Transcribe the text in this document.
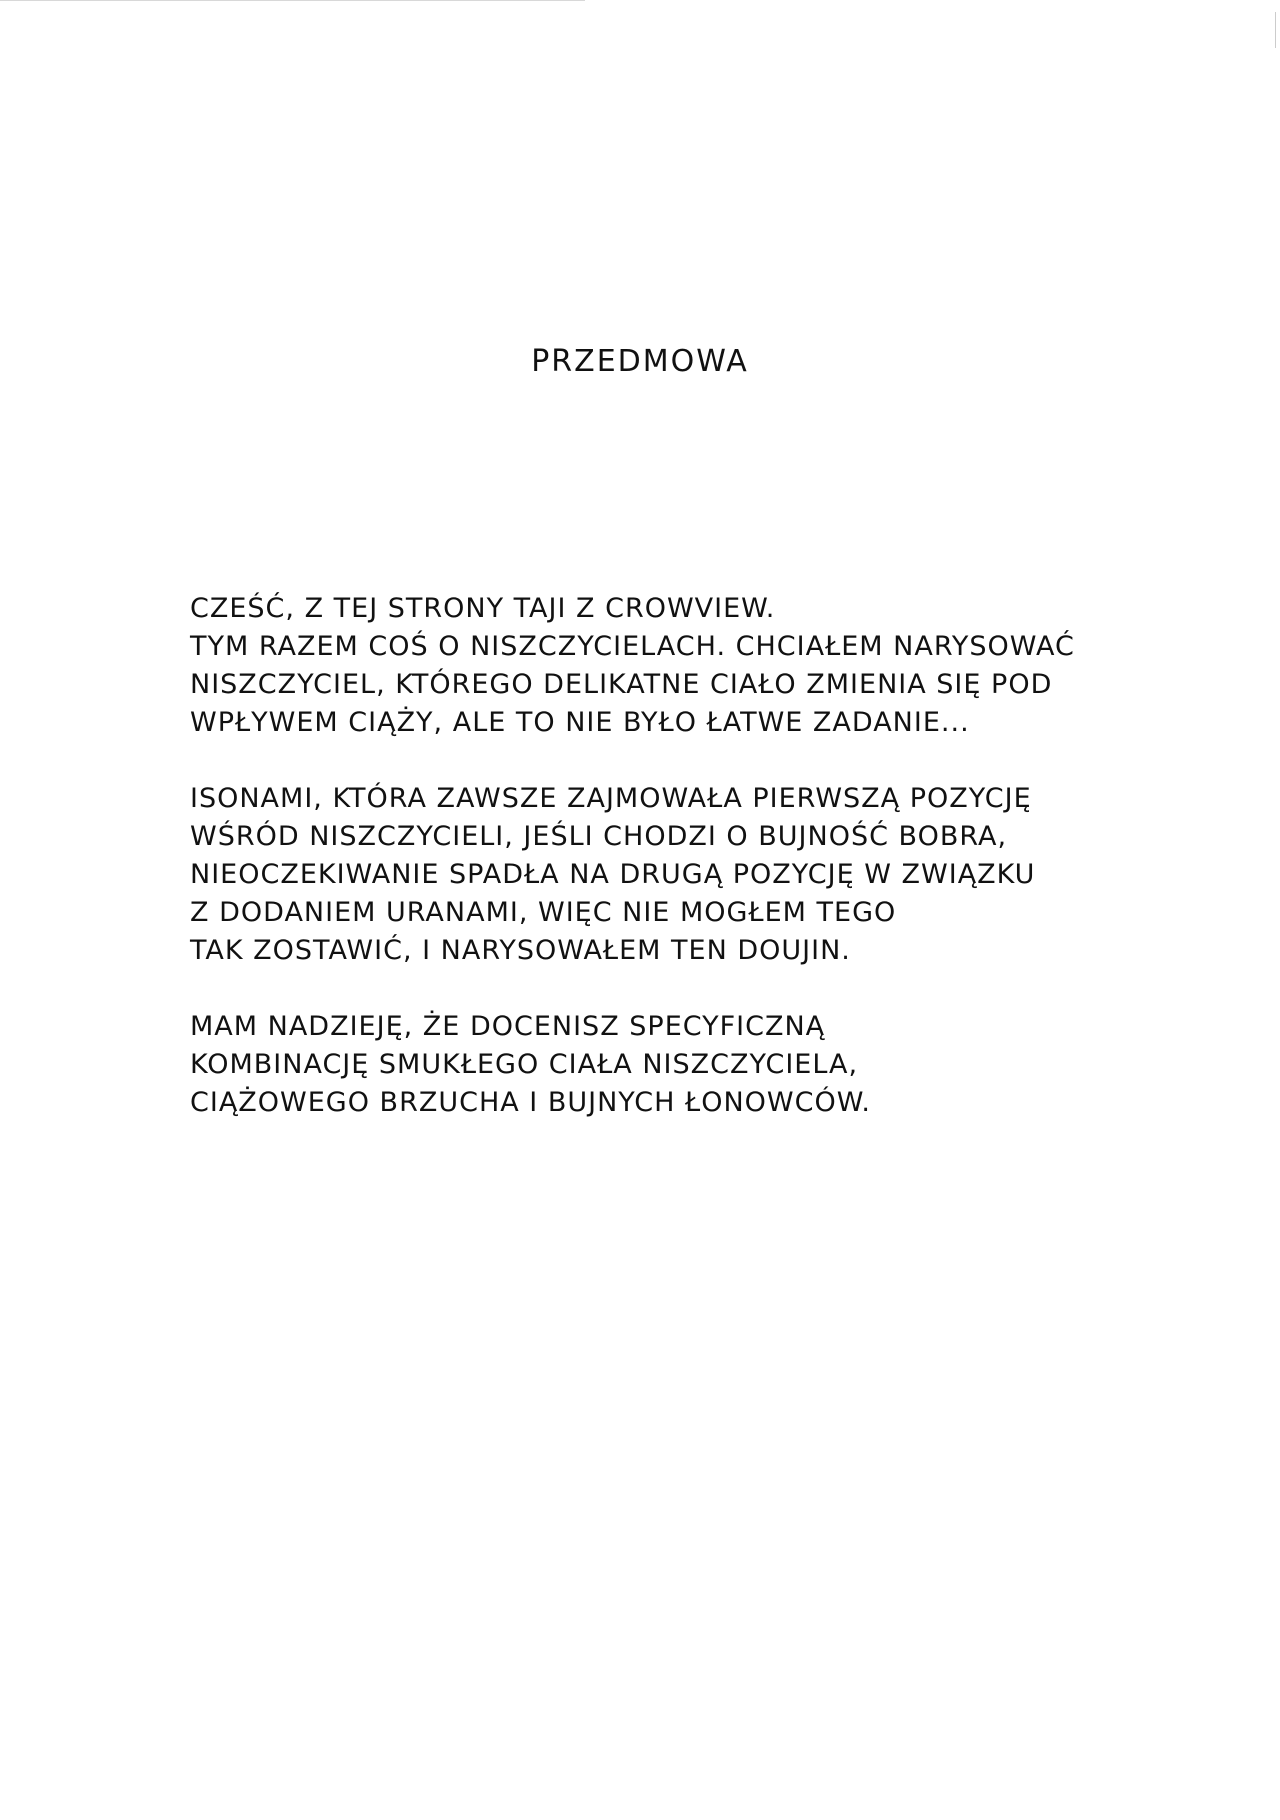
PRZEDMOWA

CZEŚĆ, Z TEJ STRONY TAJI Z CROWVIEW.
TYM RAZEM COŚ O NISZCZYCIELACH. CHCIAŁEM NARYSOWAĆ
NISZCZYCIEL, KTÓREGO DELIKATNE CIAŁO ZMIENIA SIĘ POD
WPŁYWEM CIĄŻY, ALE TO NIE BYŁO ŁATWE ZADANIE...

ISONAMI, KTÓRA ZAWSZE ZAJMOWAŁA PIERWSZĄ POZYCJĘ
WŚRÓD NISZCZYCIELI, JEŚLI CHODZI O BUJNOŚĆ BOBRA,
NIEOCZEKIWANIE SPADŁA NA DRUGĄ POZYCJĘ W ZWIĄZKU
Z DODANIEM URANAMI, WIĘC NIE MOGŁEM TEGO
TAK ZOSTAWIĆ, I NARYSOWAŁEM TEN DOUJIN.

MAM NADZIEJĘ, ŻE DOCENISZ SPECYFICZNĄ
KOMBINACJĘ SMUKŁEGO CIAŁA NISZCZYCIELA,
CIĄŻOWEGO BRZUCHA I BUJNYCH ŁONOWCÓW.
